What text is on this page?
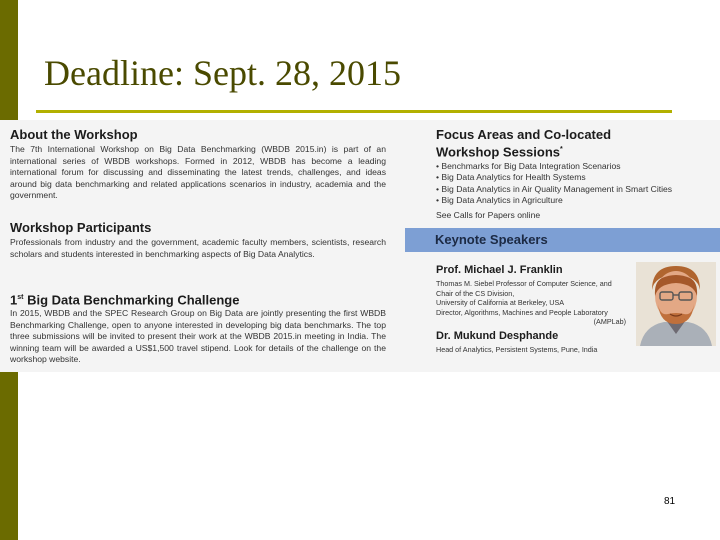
Deadline: Sept. 28, 2015
About the Workshop
The 7th International Workshop on Big Data Benchmarking (WBDB 2015.in) is part of an international series of WBDB workshops. Formed in 2012, WBDB has become a leading international forum for discussing and disseminating the latest trends, challenges, and ideas around big data benchmarking and related applications scenarios in industry, academia and the government.
Workshop Participants
Professionals from industry and the government, academic faculty members, scientists, research scholars and students interested in benchmarking aspects of Big Data Analytics.
1st Big Data Benchmarking Challenge
In 2015, WBDB and the SPEC Research Group on Big Data are jointly presenting the first WBDB Benchmarking Challenge, open to anyone interested in developing big data benchmarks. The top three submissions will be invited to present their work at the WBDB 2015.in meeting in India. The winning team will be awarded a US$1,500 travel stipend. Look for details of the challenge on the workshop website.
Focus Areas and Co-located
Workshop Sessions*
• Benchmarks for Big Data Integration Scenarios
• Big Data Analytics for Health Systems
• Big Data Analytics in Air Quality Management in Smart Cities
• Big Data Analytics in Agriculture
See Calls for Papers online
Keynote Speakers
Prof. Michael J. Franklin
Thomas M. Siebel Professor of Computer Science, and
Chair of the CS Division,
University of California at Berkeley, USA
Director, Algorithms, Machines and People Laboratory
(AMPLab)
Dr. Mukund Desphande
Head of Analytics, Persistent Systems, Pune, India
81
